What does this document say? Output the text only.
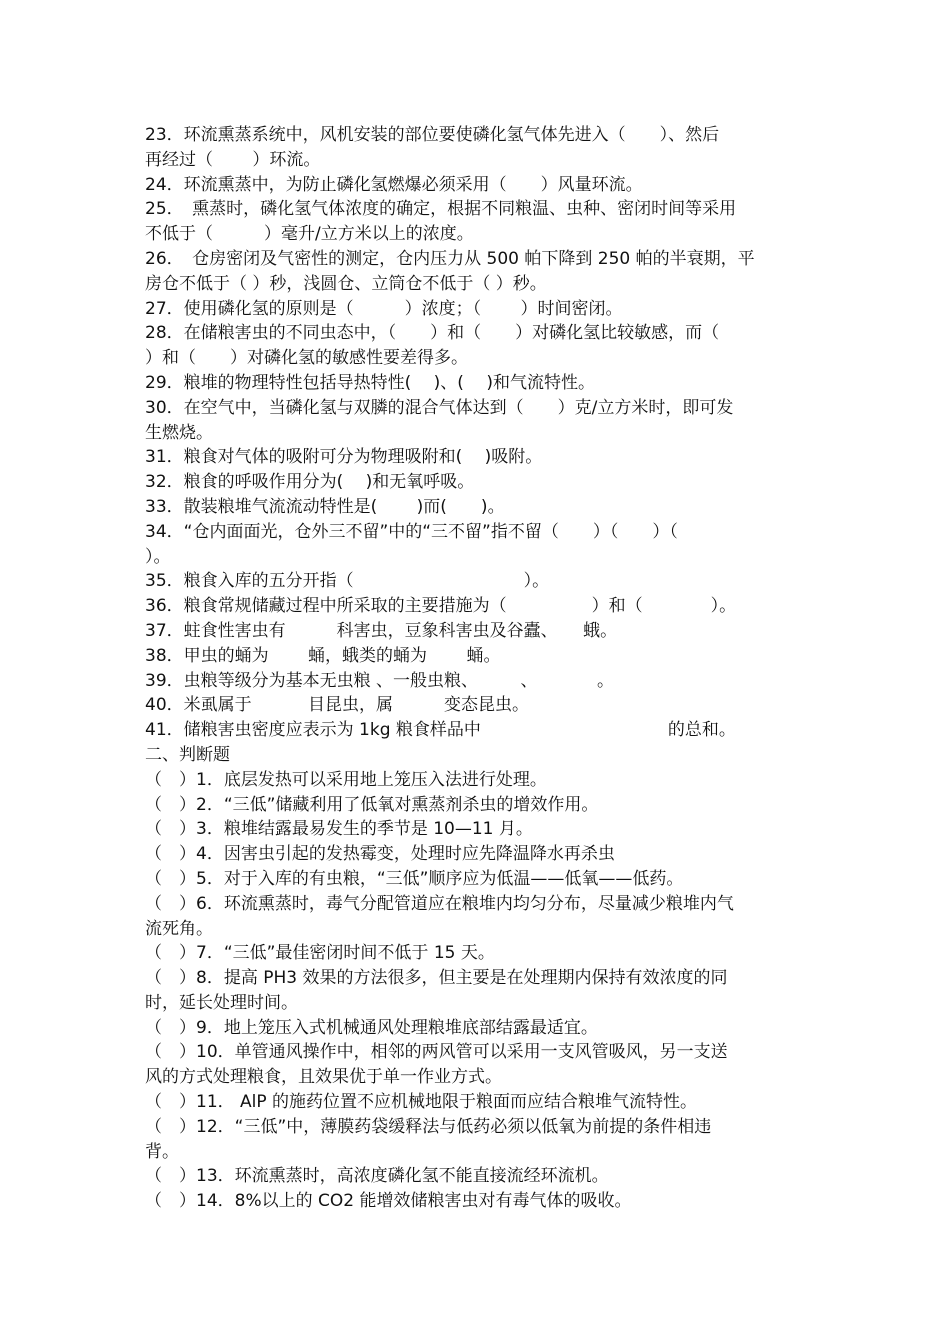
23．环流熏蒸系统中，风机安装的部位要使磷化氢气体先进入（　　）、然后
再经过（　　 ）环流。
24．环流熏蒸中，为防止磷化氢燃爆必须采用（　　）风量环流。
25．　熏蒸时，磷化氢气体浓度的确定，根据不同粮温、虫种、密闭时间等采用
不低于（　　　）毫升/立方米以上的浓度。
26．　仓房密闭及气密性的测定，仓内压力从 500 帕下降到 250 帕的半衰期，平
房仓不低于（ ）秒，浅圆仓、立筒仓不低于（ ）秒。
27．使用磷化氢的原则是（　　　）浓度；（　　 ）时间密闭。
28．在储粮害虫的不同虫态中，（　　）和（　　）对磷化氢比较敏感，而（
）和（　　）对磷化氢的敏感性要差得多。
29．粮堆的物理特性包括导热特性(　 )、(　 )和气流特性。
30．在空气中，当磷化氢与双膦的混合气体达到（　　）克/立方米时，即可发
生燃烧。
31．粮食对气体的吸附可分为物理吸附和(　 )吸附。
32．粮食的呼吸作用分为(　 )和无氧呼吸。
33．散装粮堆气流流动特性是(　　 )而(　　)。
34．“仓内面面光，仓外三不留”中的“三不留”指不留（　　）（　　）（
）。
35．粮食入库的五分开指（　　　　　　　　　　）。
36．粮食常规储藏过程中所采取的主要措施为（　　　　　）和（　　　　）。
37．蛀食性害虫有　　　科害虫，豆象科害虫及谷蠹、　　蛾。
38．甲虫的蛹为　　 蛹，蛾类的蛹为　　 蛹。
39．虫粮等级分为基本无虫粮 、一般虫粮、　　　、　　　　。
40．米虱属于　　　 目昆虫，属　　　变态昆虫。
41．储粮害虫密度应表示为 1kg 粮食样品中　　　　　　　　　　　的总和。
二、判断题
（　）1．底层发热可以采用地上笼压入法进行处理。
（　）2．“三低”储藏利用了低氧对熏蒸剂杀虫的增效作用。
（　）3．粮堆结露最易发生的季节是 10—11 月。
（　）4．因害虫引起的发热霉变，处理时应先降温降水再杀虫
（　）5．对于入库的有虫粮，“三低”顺序应为低温——低氧——低药。
（　）6．环流熏蒸时，毒气分配管道应在粮堆内均匀分布，尽量减少粮堆内气
流死角。
（　）7．“三低”最佳密闭时间不低于 15 天。
（　）8．提高 PH3 效果的方法很多，但主要是在处理期内保持有效浓度的同
时，延长处理时间。
（　）9．地上笼压入式机械通风处理粮堆底部结露最适宜。
（　）10．单管通风操作中，相邻的两风管可以采用一支风管吸风，另一支送
风的方式处理粮食，且效果优于单一作业方式。
（　）11． AlP 的施药位置不应机械地限于粮面而应结合粮堆气流特性。
（　）12．“三低”中，薄膜药袋缓释法与低药必须以低氧为前提的条件相违
背。
（　）13．环流熏蒸时，高浓度磷化氢不能直接流经环流机。
（　）14．8%以上的 CO2 能增效储粮害虫对有毒气体的吸收。
